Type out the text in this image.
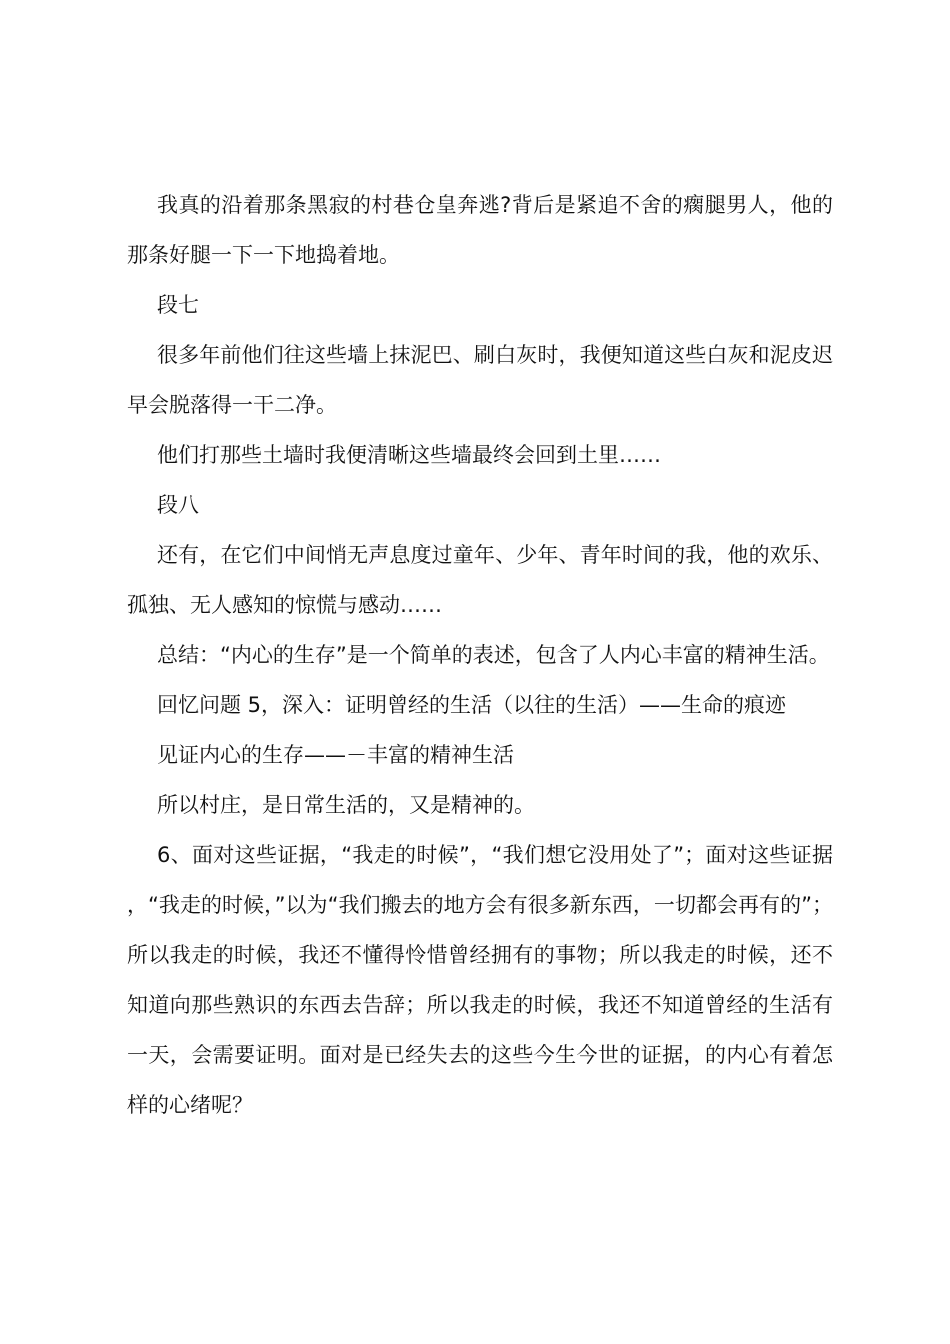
我真的沿着那条黑寂的村巷仓皇奔逃?背后是紧追不舍的瘸腿男人，他的那条好腿一下一下地捣着地。

段七

很多年前他们往这些墙上抹泥巴、刷白灰时，我便知道这些白灰和泥皮迟早会脱落得一干二净。

他们打那些土墙时我便清晰这些墙最终会回到土里……

段八

还有，在它们中间悄无声息度过童年、少年、青年时间的我，他的欢乐、孤独、无人感知的惊慌与感动……

总结：“内心的生存”是一个简单的表述，包含了人内心丰富的精神生活。

回忆问题 5，深入：证明曾经的生活（以往的生活）——生命的痕迹

见证内心的生存——－丰富的精神生活

所以村庄，是日常生活的，又是精神的。

6、面对这些证据，“我走的时候”，“我们想它没用处了”；面对这些证据，“我走的时候，”以为“我们搬去的地方会有很多新东西，一切都会再有的”；所以我走的时候，我还不懂得怜惜曾经拥有的事物；所以我走的时候，还不知道向那些熟识的东西去告辞；所以我走的时候，我还不知道曾经的生活有一天，会需要证明。面对是已经失去的这些今生今世的证据，的内心有着怎样的心绪呢？
